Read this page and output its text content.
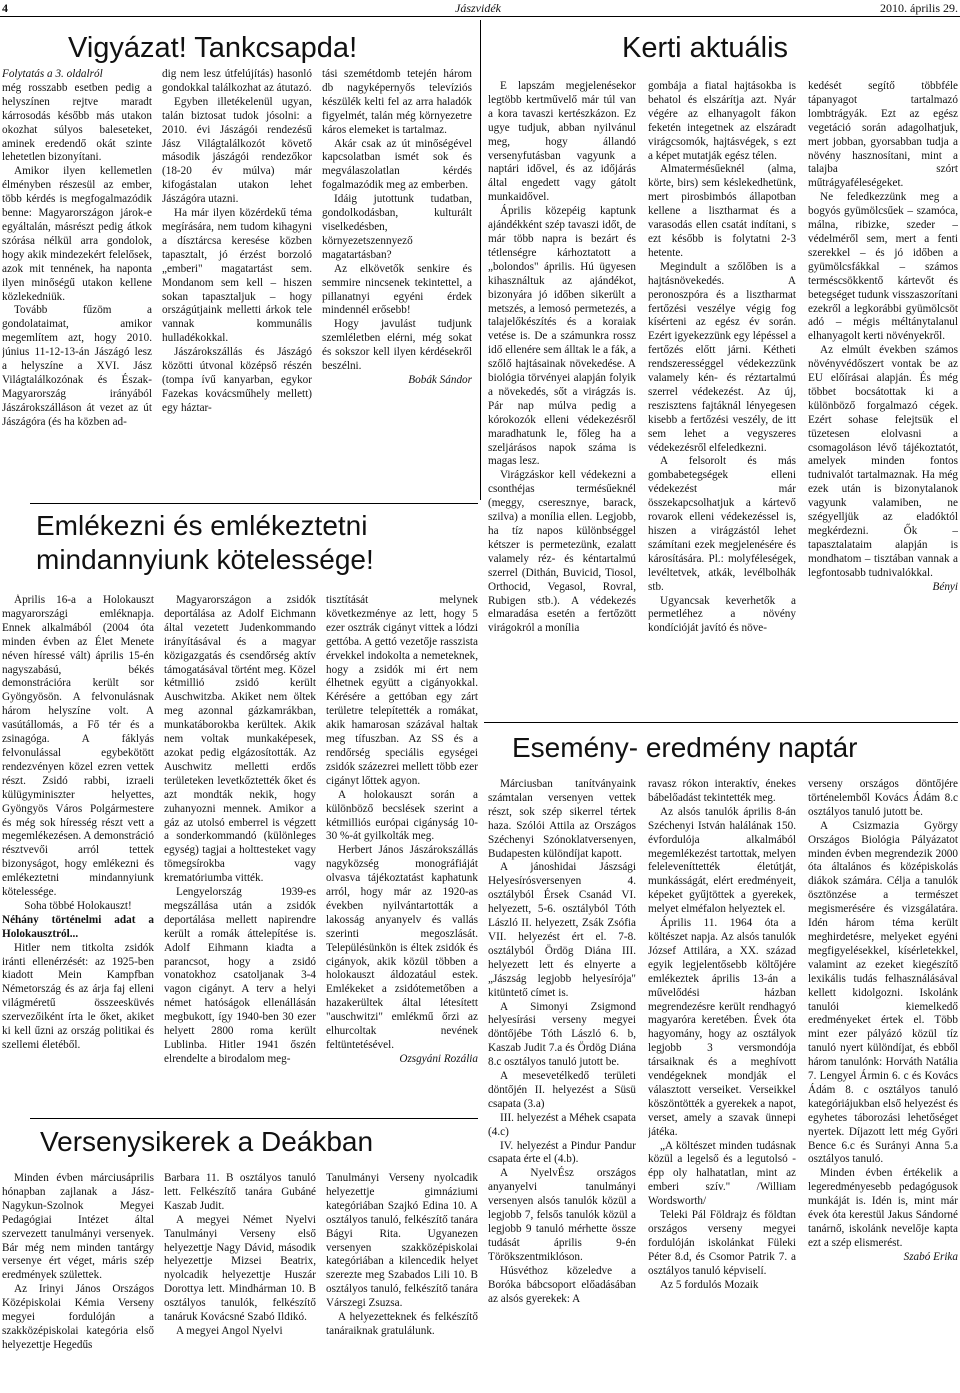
4	Jászvidék	2010. április 29.
Vigyázat! Tankcsapda!

Folytatás a 3. oldalról

még rosszabb esetben pedig a helyszínen rejtve maradt kárrosodás később más utakon okozhat súlyos baleseteket, aminek eredendő okát szinte lehetetlen bizonyítani.

Amikor ilyen kellemetlen élményben részesül az ember, több kérdés is megfogalmazódik benne: Magyarországon járok-e egyáltalán, másrészt pedig átkok szórása nélkül arra gondolok, hogy akik mindezekért felelősek, azok mit tennének, ha naponta ilyen minőségű utakon kellene közlekedniük.

Tovább fűzöm a gondolataimat, amikor megemlítem azt, hogy 2010. június 11-12-13-án Jászágó lesz a helyszíne a XVI. Jász Világtalálkozónak és Észak-Magyarország irányából Jászárokszálláson át vezet az út Jászágóra (és ha közben ad-

dig nem lesz útfelújítás) hasonló gondokkal találkozhat az átutazó.

Egyben illetékelenül ugyan, talán biztosat tudok jósolni: a 2010. évi Jászágói rendezésű Jász Világtalálkozót követő második jászágói rendezőkor (18-20 év múlva) már kifogástalan utakon lehet Jászágóra utazni.

Ha már ilyen közérdekű téma megírására, nem tudom kihagyni a dísztárcsa keresése közben tapasztalt, jó érzést borzoló „emberi" magatartást sem. Mondanom sem kell – hiszen sokan tapasztaljuk – hogy országútjaink melletti árkok tele vannak kommunális hulladékokkal.

Jászárokszállás és Jászágó közötti útvonal középső részén (tompa ívű kanyarban, egykor Fazekas kovácsműhely mellett) egy háztar-

tási szemétdomb tetején három db nagyképernyős televíziós készülék kelti fel az arra haladók figyelmét, talán még környezetre káros elemeket is tartalmaz.

Akár csak az út minőségével kapcsolatban ismét sok és megválaszolatlan kérdés fogalmazódik meg az emberben.

Idáig jutottunk tudatban, gondolkodásban, kulturált viselkedésben, környezetszennyező magatartásban?

Az elkövetők senkire és semmire nincsenek tekintettel, a pillanatnyi egyéni érdek mindennél erősebb!

Hogy javulást tudjunk szemléletben elérni, még sokat és sokszor kell ilyen kérdésekről beszélni.

Bobák Sándor

Kerti aktuális

E lapszám megjelenésekor legtöbb kertművelő már túl van a kora tavaszi kertészkázon. Ez ugye tudjuk, abban nyilvánul meg, hogy állandó versenyfutásban vagyunk a naptári idővel, és az időjárás által engedett vagy gátolt munkaidővel.

Április közepéig kaptunk ajándékként szép tavaszi időt, de már több napra is bezárt és tétlenségre kárhoztatott a „bolondos" április. Hú ügyesen kihasználtuk az ajándékot, bizonyára jó időben sikerült a metszés, a lemosó permetezés, a talajelőkészítés és a koraiak vetése is. De a számunkra rossz idő ellenére sem álltak le a fák, a szőlő hajtásainak növekedése. A biológia törvényei alapján folyik a növekedés, sőt a virágzás is. Pár nap múlva pedig a kórokozók elleni védekezésről maradhatunk le, főleg ha a szeljárásos napok száma is magas lesz.

Virágzáskor kell védekezni a csonthéjas termésűeknél (meggy, cseresznye, barack, szilva) a monília ellen. Legjobb, ha tíz napos különbséggel kétszer is permetezünk, ezalatt valamely réz- és kéntartalmú szerrel (Dithán, Buvicid, Tiosol, Orthocid, Vegasol, Rovral, Rubigen stb.). A védekezés elmaradása esetén a fertőzött virágokról a monília

gombája a fiatal hajtásokba is behatol és elszárítja azt. Nyár végére az elhanyagolt fákon feketén integetnek az elszáradt virágcsomók, hajtásvégek, s ezt a képet mutatják egész télen.

Almatermésűeknél (alma, körte, birs) sem késlekedhetünk, mert pirosbimbós állapotban kellene a lisztharmat és a varasodás ellen csatát indítani, s ezt később is folytatni 2-3 hetente.

Megindult a szőlőben is a hajtásnövekedés. A peronoszpóra és a lisztharmat fertőzési veszélye végig fog kísérteni az egész év során. Ezért igyekezzünk egy lépéssel a fertőzés előtt járni. Kétheti rendszerességgel védekezzünk valamely kén- és réztartalmú szerrel védekezést. Az új, reszisztens fajtáknál lényegesen kisebb a fertőzési veszély, de itt sem lehet a vegyszeres védekezésről elfeledkezni.

A felsorolt és más gombabetegségek elleni védekezést már összekapcsolhatjuk a kártevő rovarok elleni védekezéssel is, hiszen a virágzástól lehet számítani ezek megjelenésére és károsítására. Pl.: molyféleségek, levéltetvek, atkák, levélbolhák stb.

Ugyancsak keverhetők a permetléhez a növény kondícióját javító és növe-

kedését segítő többféle tápanyagot tartalmazó lombtrágyák. Ezt az egész vegetáció során adagolhatjuk, mert jobban, gyorsabban tudja a növény hasznosítani, mint a talajba szórt műtrágyaféleségeket.

Ne feledkezzünk meg a bogyós gyümölcsűek – szamóca, málna, ribizke, szeder – védelméről sem, mert a fenti szerekkel – és jó időben a gyümölcsfákkal – számos terméscsökkentő kártevőt és betegséget tudunk visszaszorítani ezekről a legkorábbi gyümölcsöt adó – mégis méltánytalanul elhanyagolt kerti növényekről.

Az elmúlt években számos növényvédőszert vontak be az EU előírásai alapján. És még többet bocsátottak ki a különböző forgalmazó cégek. Ezért sohase felejtsük el tüzetesen elolvasni a csomagoláson lévő tájékoztatót, amelyek minden fontos tudnivalót tartalmaznak. Ha még ezek után is bizonytalanok vagyunk valamiben, ne szégyelljük az eladóktól megkérdezni. Ők – tapasztalataim alapján is mondhatom – tisztában vannak a legfontosabb tudnivalókkal.

Bényi

Emlékezni és emlékeztetni
mindannyiunk kötelessége!

Április 16-a a Holokauszt magyarországi emléknapja. Ennek alkalmából (2004 óta minden évben az Élet Menete néven híressé vált) április 15-én nagyszabású, békés demonstrációra került sor Gyöngyösön. A felvonulásnak három helyszíne volt. A vasútállomás, a Fő tér és a zsinagóga. A fáklyás felvonulással egybekötött rendezvényen közel ezren vettek részt. Zsidó rabbi, izraeli külügyminiszter helyettes, Gyöngyös Város Polgármestere és még sok híresség részt vett a megemlékezésen. A demonstráció résztvevői arról tettek bizonyságot, hogy emlékezni és emlékeztetni mindannyiunk kötelessége.

Soha többé Holokauszt!

Néhány történelmi adat a Holokausztról...

Hitler nem titkolta zsidók iránti ellenérzését: az 1925-ben kiadott Mein Kampfban Németország és az árja faj elleni világméretű összeesküvés szervezőiként írta le őket, akiket ki kell űzni az ország politikai és szellemi életéből.

Magyarországon a zsidók deportálása az Adolf Eichmann által vezetett Judenkommando irányításával és a magyar közigazgatás és csendőrség aktív támogatásával történt meg. Közel kétmillió zsidó került Auschwitzba. Akiket nem öltek meg azonnal gázkamrákban, munkatáborokba kerültek. Akik nem voltak munkaképesek, azokat pedig elgázosították. Az Auschwitz melletti erdős területeken levetkőztették őket és azt mondták nekik, hogy zuhanyozni mennek. Amikor a gáz az utolsó emberrel is végzett a sonderkommandó (különleges egység) tagjai a holttesteket vagy tömegsírokba vagy krematóriumba vitték.

Lengyelország 1939-es megszállása után a zsidók deportálása mellett napirendre került a romák áttelepítése is. Adolf Eihmann kiadta a parancsot, hogy a zsidó vonatokhoz csatoljanak 3-4 vagon cigányt. A terv a helyi német hatóságok ellenállásán megbukott, így 1940-ben 30 ezer helyett 2800 roma került Lublinba. Hitler 1941 őszén elrendelte a birodalom meg-

tisztítását melynek következménye az lett, hogy 5 ezer osztrák cigányt vittek a lódzi gettóba. A gettó vezetője rasszista érvekkel indokolta a nemeteknek, hogy a zsidók mi ért nem élhetnek együtt a cigányokkal. Kérésére a gettóban egy zárt területre telepítették a romákat, akik hamarosan százával haltak meg tífuszban. Az SS és a rendőrség speciális egységei zsidók százezrei mellett több ezer cigányt lőttek agyon.

A holokauszt során a különböző becslések szerint a kétmilliós európai cigányság 10-30 %-át gyilkolták meg.

Herbert János Jászárokszállás nagyközség monográfiáját olvasva tájékoztatást kaphatunk arról, hogy már az 1920-as években nyilvántartották a lakosság anyanyelv és vallás szerinti megoszlását. Településünkön is éltek zsidók és cigányok, akik közül többen a holokauszt áldozatául estek. Emlékeket a zsidótemetőben a hazakerültek által létesített "auschwitzi" emlékmű őrzi az elhurcoltak nevének feltüntetésével.

Ozsgyáni Rozália

Esemény- eredmény naptár

Márciusban tanítványaink számtalan versenyen vettek részt, sok szép sikerrel tértek haza. Szólói Attila az Országos Széchenyi Szónoklatversenyen, Budapesten különdíjat kapott.

A jánoshidai Jászsági Helyesírósversenyen 4. osztályból Érsek Csanád VI. helyezett, 5-6. osztályból Tóth László II. helyezett, Zsák Zsófia VII. helyezést ért el. 7-8. osztályból Ördög Diána III. helyezett lett és elnyerte a „Jászság legjobb helyesírója" kitüntető címet is.

A Simonyi Zsigmond helyesírási verseny megyei döntőjébe Tóth László 6. b, Kaszab Judit 7.a és Ördög Diána 8.c osztályos tanuló jutott be.

A mesevetélkedő területi döntőjén II. helyezést a Süsü csapata (3.a)

III. helyezést a Méhek csapata (4.c)

IV. helyezést a Pindur Pandur csapata érte el (4.b).

A NyelvÉsz országos anyanyelvi tanulmányi versenyen alsós tanulók közül a legjobb 7, felsős tanulók közül a legjobb 9 tanuló mérhette össze tudását április 9-én Törökszentmiklóson.

Húsvéthoz közeledve a Boróka bábcsoport előadásában az alsós gyerekek: A

ravasz rókon interaktív, énekes bábelőadást tekintették meg.

Az alsós tanulók április 8-án Széchenyi István halálának 150. évfordulója alkalmából megemlékezést tartottak, melyen feleleveníttették életútját, munkásságát, elért eredményeit, képeket gyűjtöttek a gyerekek, melyet elméfalon helyeztek el.

Április 11. 1964 óta a költészet napja. Az alsós tanulók József Attilára, a XX. század egyik legjelentősebb költőjére emlékeztek április 13-án a művelődési házban megrendezésre került rendhagyó magyaróra keretében. Évek óta hagyomány, hogy az osztályok legjobb 3 versmondója társaiknak és a meghívott vendégeknek mondják el választott verseiket. Verseikkel köszöntötték a gyerekek a napot, verset, amely a szavak ünnepi játéka.

„A költészet minden tudásnak közül a legelső és a legutolsó - épp oly halhatatlan, mint az emberi szív." /William Wordsworth/

Teleki Pál Földrajz és földtan országos verseny megyei fordulóján iskolánkat Füleki Péter 8.d, és Csomor Patrik 7. a osztályos tanuló képviselí.

Az 5 fordulós Mozaik

verseny országos döntőjére történelemből Kovács Ádám 8.c osztályos tanuló jutott be.

A Csizmazia György Országos Biológia Pályázatot minden évben megrendezik 2000 óta általános és középiskolás diákok számára. Célja a tanulók ösztönzése a természet megismerésére és vizsgálatára. Idén három téma került meghirdetésre, melyeket egyéni megfigyelésekkel, kísérletekkel, valamint az ezeket kiegészítő lexikális tudás felhasználásával kellett kidolgozni. Iskolánk tanulói kiemelkedő eredményeket értek el. Több mint ezer pályázó közül tíz tanuló nyert különdíjat, és ebből három tanulónk: Horváth Natália 7. Lengyel Ármin 6. c és Kovács Ádám 8. c osztályos tanuló kategóriájukban első helyezést és egyhetes táborozási lehetőséget nyertek. Díjazott lett még Győri Bence 6.c és Surányi Anna 5.a osztályos tanuló.

Minden évben értékelik a legeredményesebb pedagógusok munkáját is. Idén is, mint már évek óta kerestül Jakus Sándorné tanárnő, iskolánk nevelője kapta ezt a szép elismerést.

Szabó Erika

Versenysikerek a Deákban

Minden évben márciusáprilis hónapban zajlanak a Jász-Nagykun-Szolnok Megyei Pedagógiai Intézet által szervezett tanulmányi versenyek. Bár még nem minden tantárgy versenye ért véget, máris szép eredmények születtek.

Az Irinyi János Országos Középiskolai Kémia Verseny megyei fordulóján a szakközépiskolai kategória első helyezettje Hegedűs

Barbara 11. B osztályos tanuló lett. Felkészítő tanára Gubáné Kaszab Judit.

A megyei Német Nyelvi Tanulmányi Verseny első helyezettje Nagy Dávid, második helyezettje Mizsei Beatrix, nyolcadik helyezettje Huszár Dorottya lett. Mindhárman 10. B osztályos tanulók, felkészítő tanáruk Kovácsné Szabó Ildikó.

A megyei Angol Nyelvi

Tanulmányi Verseny nyolcadik helyezettje gimnáziumi kategóriában Szajkó Edina 10. A osztályos tanuló, felkészítő tanára Bágyi Rita. Ugyanezen versenyen szakközépiskolai kategóriában a kilencedik helyet szerezte meg Szabados Lili 10. B osztályos tanuló, felkészítő tanára Várszegi Zsuzsa.

A helyezetteknek és felkészítő tanáraiknak gratulálunk.
